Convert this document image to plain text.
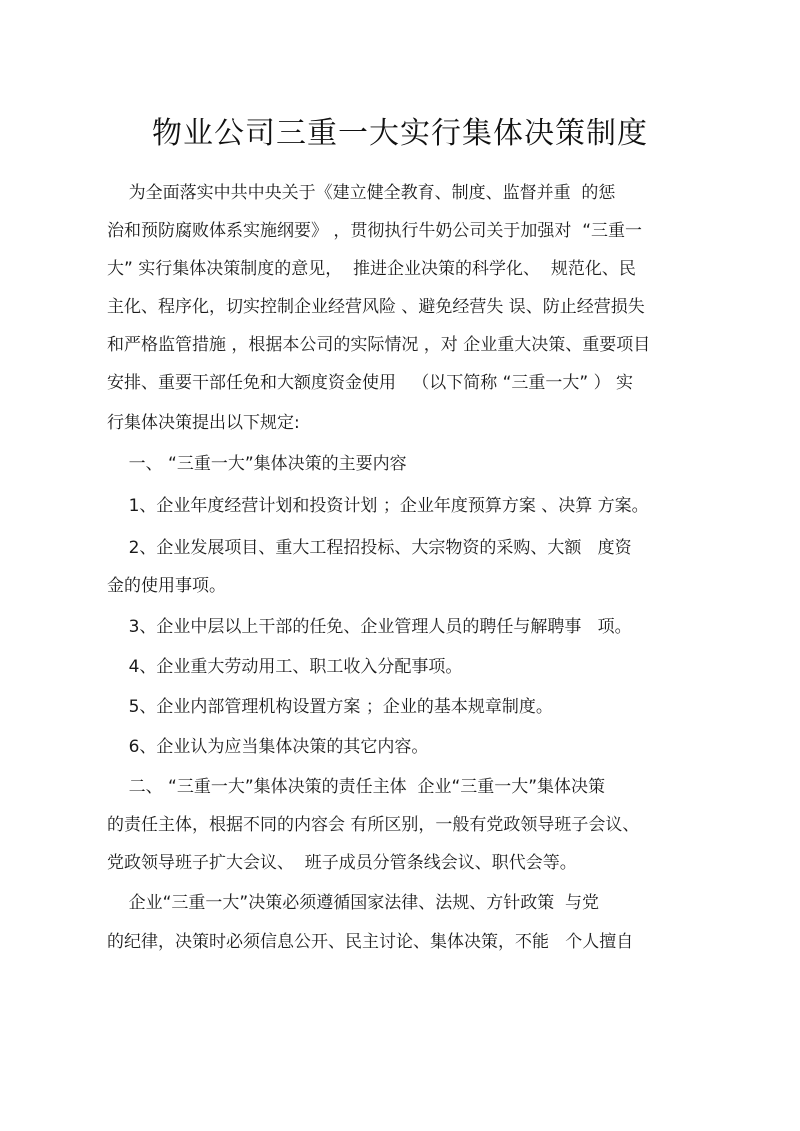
物业公司三重一大实行集体决策制度
为全面落实中共中央关于《建立健全教育、制度、监督并重  的惩
治和预防腐败体系实施纲要》 ，贯彻执行牛奶公司关于加强对  “三重一
大” 实行集体决策制度的意见，  推进企业决策的科学化、  规范化、民
主化、程序化，切实控制企业经营风险 、避免经营失 误、防止经营损失
和严格监管措施 ，根据本公司的实际情况 ，对 企业重大决策、重要项目
安排、重要干部任免和大额度资金使用   （以下简称 “三重一大” ） 实
行集体决策提出以下规定:
一、 “三重一大”集体决策的主要内容
1、企业年度经营计划和投资计划 ；企业年度预算方案 、决算 方案。
2、企业发展项目、重大工程招投标、大宗物资的采购、大额   度资
金的使用事项。
3、企业中层以上干部的任免、企业管理人员的聘任与解聘事   项。
4、企业重大劳动用工、职工收入分配事项。
5、企业内部管理机构设置方案 ；企业的基本规章制度。
6、企业认为应当集体决策的其它内容。
二、 “三重一大”集体决策的责任主体  企业“三重一大”集体决策
的责任主体，根据不同的内容会 有所区别，一般有党政领导班子会议、
党政领导班子扩大会议、  班子成员分管条线会议、职代会等。
企业“三重一大”决策必须遵循国家法律、法规、方针政策  与党
的纪律，决策时必须信息公开、民主讨论、集体决策，不能   个人擅自
